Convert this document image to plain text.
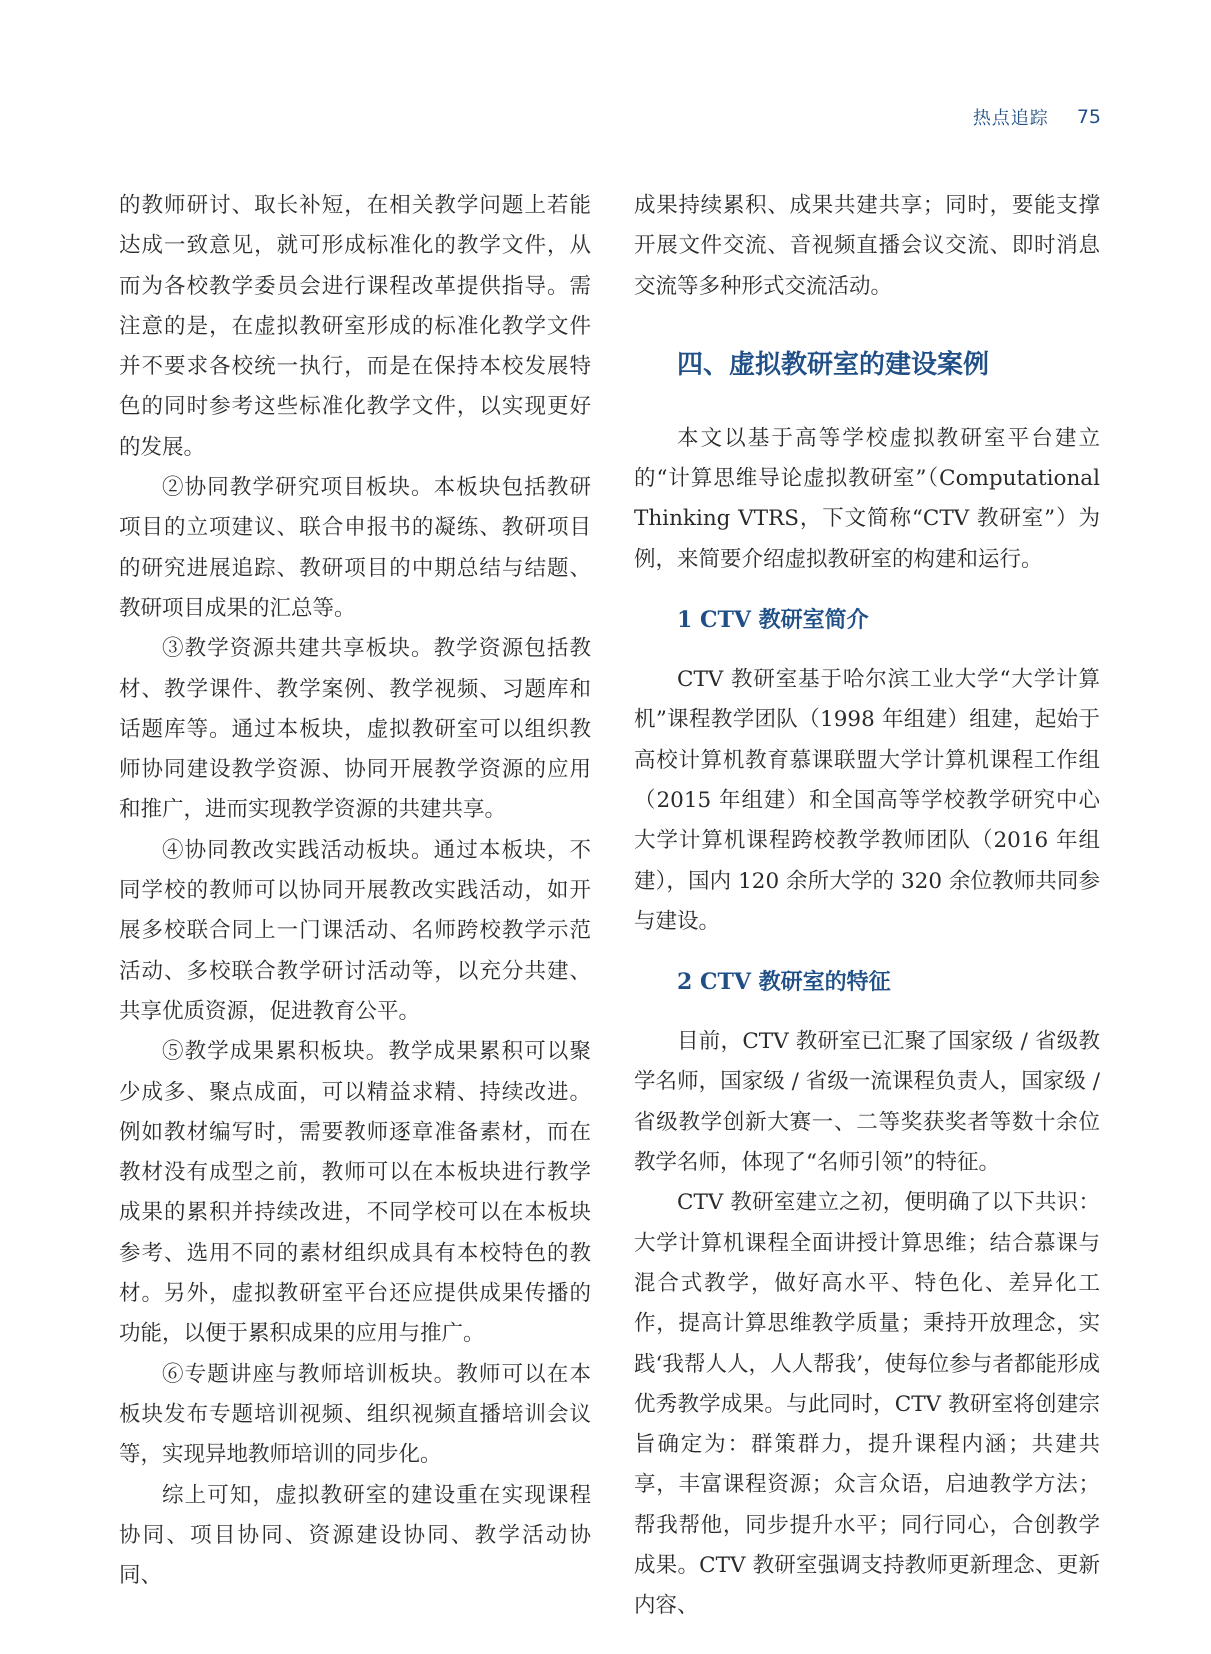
热点追踪 75

的教师研讨、取长补短，在相关教学问题上若能达成一致意见，就可形成标准化的教学文件，从而为各校教学委员会进行课程改革提供指导。需注意的是，在虚拟教研室形成的标准化教学文件并不要求各校统一执行，而是在保持本校发展特色的同时参考这些标准化教学文件，以实现更好的发展。

②协同教学研究项目板块。本板块包括教研项目的立项建议、联合申报书的凝练、教研项目的研究进展追踪、教研项目的中期总结与结题、教研项目成果的汇总等。

③教学资源共建共享板块。教学资源包括教材、教学课件、教学案例、教学视频、习题库和话题库等。通过本板块，虚拟教研室可以组织教师协同建设教学资源、协同开展教学资源的应用和推广，进而实现教学资源的共建共享。

④协同教改实践活动板块。通过本板块，不同学校的教师可以协同开展教改实践活动，如开展多校联合同上一门课活动、名师跨校教学示范活动、多校联合教学研讨活动等，以充分共建、共享优质资源，促进教育公平。

⑤教学成果累积板块。教学成果累积可以聚少成多、聚点成面，可以精益求精、持续改进。例如教材编写时，需要教师逐章准备素材，而在教材没有成型之前，教师可以在本板块进行教学成果的累积并持续改进，不同学校可以在本板块参考、选用不同的素材组织成具有本校特色的教材。另外，虚拟教研室平台还应提供成果传播的功能，以便于累积成果的应用与推广。

⑥专题讲座与教师培训板块。教师可以在本板块发布专题培训视频、组织视频直播培训会议等，实现异地教师培训的同步化。

综上可知，虚拟教研室的建设重在实现课程协同、项目协同、资源建设协同、教学活动协同、

成果持续累积、成果共建共享；同时，要能支撑开展文件交流、音视频直播会议交流、即时消息交流等多种形式交流活动。

四、虚拟教研室的建设案例

本文以基于高等学校虚拟教研室平台建立的“计算思维导论虚拟教研室”（Computational Thinking VTRS，下文简称“CTV 教研室”）为例，来简要介绍虚拟教研室的构建和运行。

1 CTV 教研室简介

CTV 教研室基于哈尔滨工业大学“大学计算机”课程教学团队（1998 年组建）组建，起始于高校计算机教育慕课联盟大学计算机课程工作组（2015 年组建）和全国高等学校教学研究中心大学计算机课程跨校教学教师团队（2016 年组建），国内 120 余所大学的 320 余位教师共同参与建设。

2 CTV 教研室的特征

目前，CTV 教研室已汇聚了国家级 / 省级教学名师，国家级 / 省级一流课程负责人，国家级 / 省级教学创新大赛一、二等奖获奖者等数十余位教学名师，体现了“名师引领”的特征。

CTV 教研室建立之初，便明确了以下共识：大学计算机课程全面讲授计算思维；结合慕课与混合式教学，做好高水平、特色化、差异化工作，提高计算思维教学质量；秉持开放理念，实践‘我帮人人，人人帮我’，使每位参与者都能形成优秀教学成果。与此同时，CTV 教研室将创建宗旨确定为：群策群力，提升课程内涵；共建共享，丰富课程资源；众言众语，启迪教学方法；帮我帮他，同步提升水平；同行同心，合创教学成果。CTV 教研室强调支持教师更新理念、更新内容、
